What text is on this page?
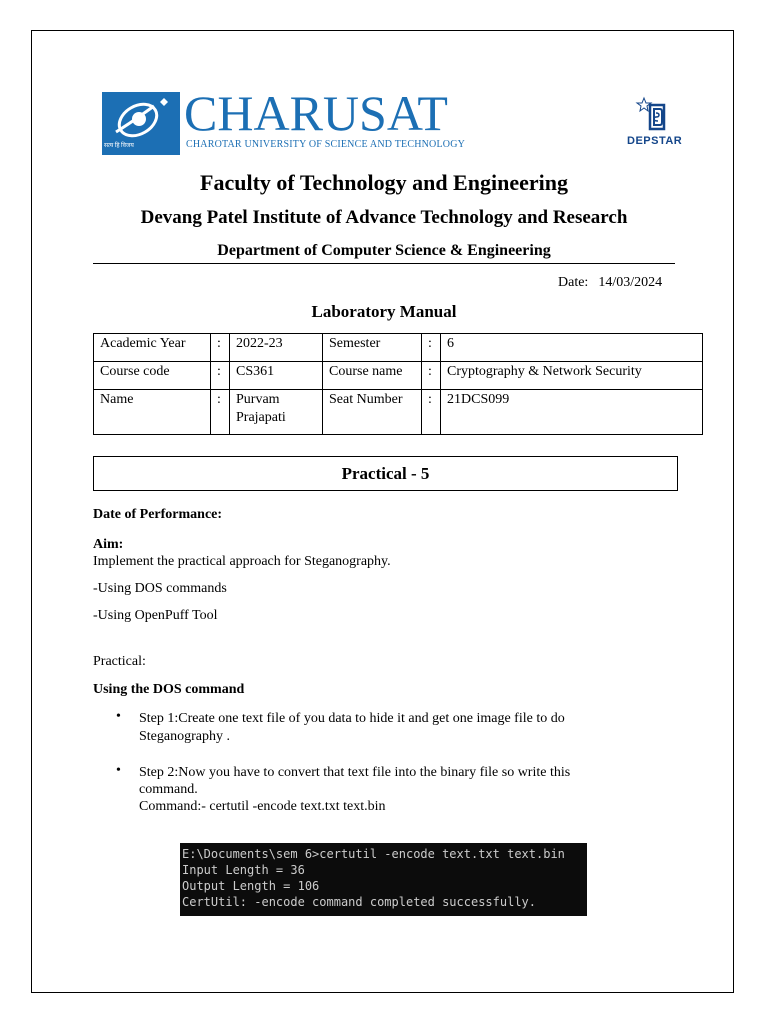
सत्य हि विजय
CHARUSAT
CHAROTAR UNIVERSITY OF SCIENCE AND TECHNOLOGY	DEPSTAR
Faculty of Technology and Engineering
Devang Patel Institute of Advance Technology and Research
Department of Computer Science & Engineering
Date: 14/03/2024
Laboratory Manual
Academic Year	:	2022-23	Semester	:	6
Course code	:	CS361	Course name	:	Cryptography & Network Security
Name	:	Purvam Prajapati	Seat Number	:	21DCS099
Practical - 5
Date of Performance:
Aim:
Implement the practical approach for Steganography.
-Using DOS commands
-Using OpenPuff Tool
Practical:
Using the DOS command
• Step 1:Create one text file of you data to hide it and get one image file to do
Steganography .
• Step 2:Now you have to convert that text file into the binary file so write this
command.
Command:- certutil -encode text.txt text.bin
E:\Documents\sem 6>certutil -encode text.txt text.bin
Input Length = 36
Output Length = 106
CertUtil: -encode command completed successfully.
